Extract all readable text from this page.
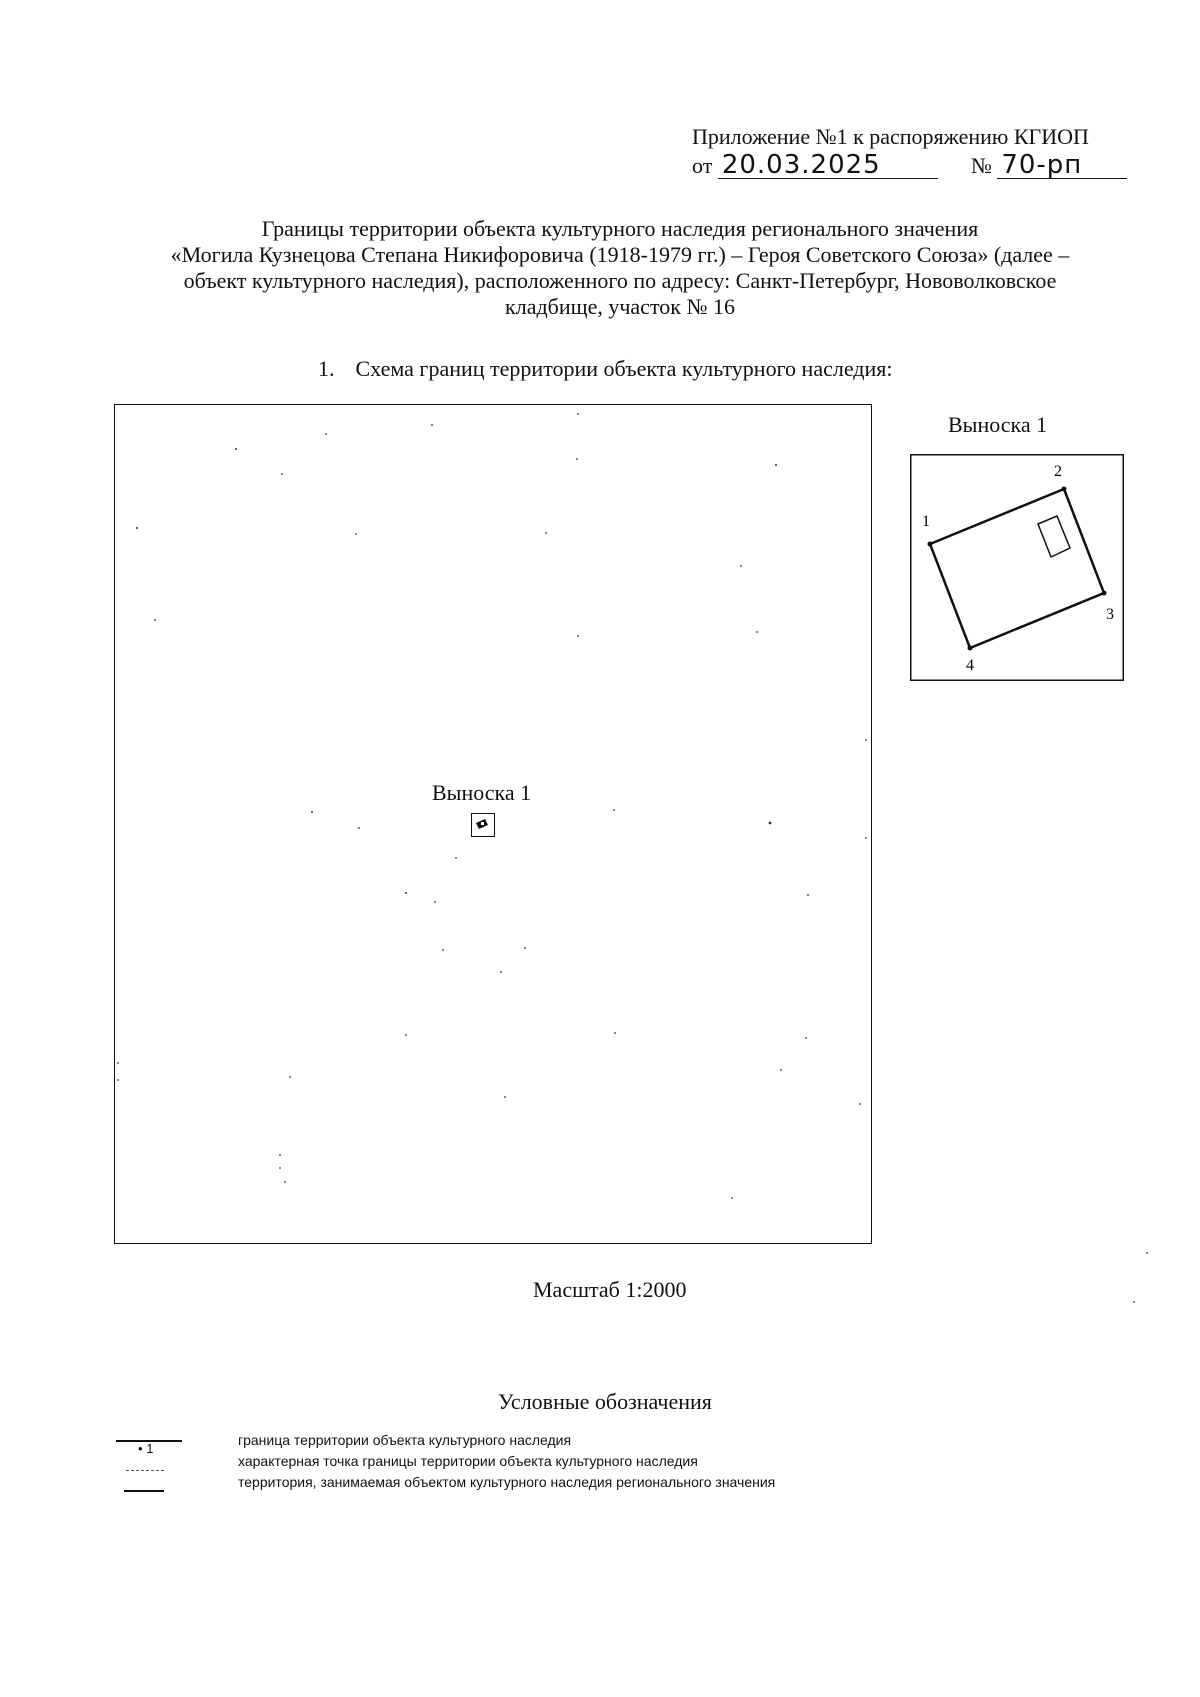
Приложение №1 к распоряжению КГИОП
от 20.03.2025	№ 70-рп
Границы территории объекта культурного наследия регионального значения
«Могила Кузнецова Степана Никифоровича (1918-1979 гг.) – Героя Советского Союза» (далее –
объект культурного наследия), расположенного по адресу: Санкт-Петербург, Нововолковское
кладбище, участок № 16
1. Схема границ территории объекта культурного наследия:
Выноска 1
Выноска 1
1
2
3
4
Масштаб 1:2000
Условные обозначения
• 1
граница территории объекта культурного наследия
характерная точка границы территории объекта культурного наследия
территория, занимаемая объектом культурного наследия регионального значения
